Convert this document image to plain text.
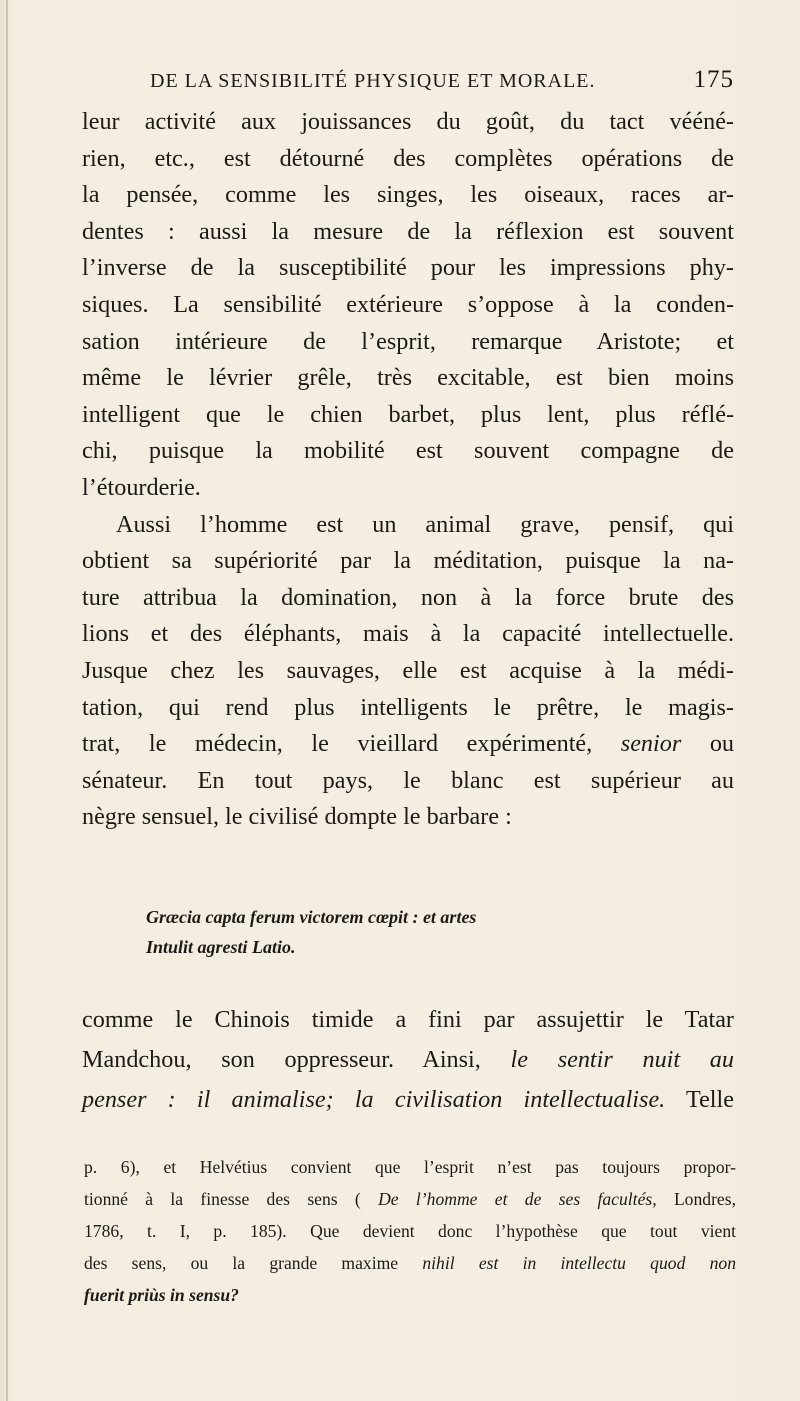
DE LA SENSIBILITÉ PHYSIQUE ET MORALE.	175

leur activité aux jouissances du goût, du tact vééné-
rien, etc., est détourné des complètes opérations de
la pensée, comme les singes, les oiseaux, races ar-
dentes : aussi la mesure de la réflexion est souvent
l’inverse de la susceptibilité pour les impressions phy-
siques. La sensibilité extérieure s’oppose à la conden-
sation intérieure de l’esprit, remarque Aristote; et
même le lévrier grêle, très excitable, est bien moins
intelligent que le chien barbet, plus lent, plus réflé-
chi, puisque la mobilité est souvent compagne de
l’étourderie.

Aussi l’homme est un animal grave, pensif, qui
obtient sa supériorité par la méditation, puisque la na-
ture attribua la domination, non à la force brute des
lions et des éléphants, mais à la capacité intellectuelle.
Jusque chez les sauvages, elle est acquise à la médi-
tation, qui rend plus intelligents le prêtre, le magis-
trat, le médecin, le vieillard expérimenté, senior ou
sénateur. En tout pays, le blanc est supérieur au
nègre sensuel, le civilisé dompte le barbare :

Græcia capta ferum victorem cœpit : et artes
Intulit agresti Latio.
comme le Chinois timide a fini par assujettir le Tatar
Mandchou, son oppresseur. Ainsi, le sentir nuit au
penser : il animalise; la civilisation intellectualise. Telle
p. 6), et Helvétius convient que l’esprit n’est pas toujours propor-
tionné à la finesse des sens ( De l’homme et de ses facultés, Londres,
1786, t. I, p. 185). Que devient donc l’hypothèse que tout vient
des sens, ou la grande maxime nihil est in intellectu quod non
fuerit priùs in sensu?
